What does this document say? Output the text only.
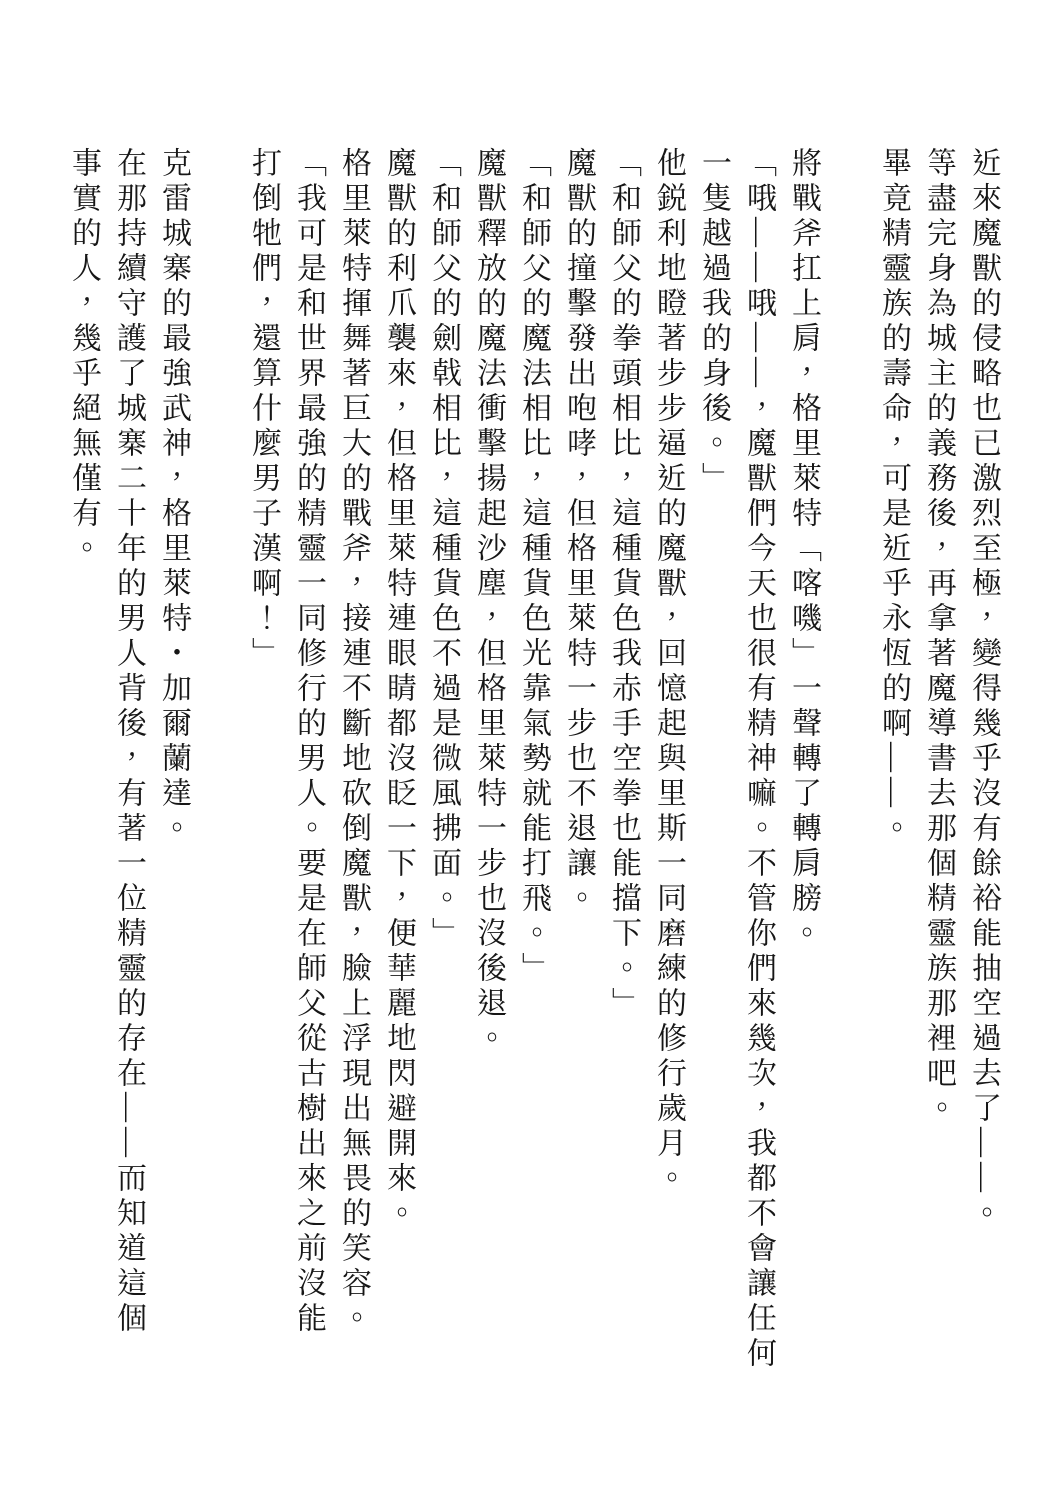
近來魔獸的侵略也已激烈至極，變得幾乎沒有餘裕能抽空過去了——。
等盡完身為城主的義務後，再拿著魔導書去那個精靈族那裡吧。
畢竟精靈族的壽命，可是近乎永恆的啊——。
將戰斧扛上肩，格里萊特「喀嘰」一聲轉了轉肩膀。
「哦——哦——，魔獸們今天也很有精神嘛。不管你們來幾次，我都不會讓任何
一隻越過我的身後。」
他鋭利地瞪著步步逼近的魔獸，回憶起與里斯一同磨練的修行歲月。
「和師父的拳頭相比，這種貨色我赤手空拳也能擋下。」
魔獸的撞擊發出咆哮，但格里萊特一步也不退讓。
「和師父的魔法相比，這種貨色光靠氣勢就能打飛。」
魔獸釋放的魔法衝擊揚起沙塵，但格里萊特一步也沒後退。
「和師父的劍戟相比，這種貨色不過是微風拂面。」
魔獸的利爪襲來，但格里萊特連眼睛都沒眨一下，便華麗地閃避開來。
格里萊特揮舞著巨大的戰斧，接連不斷地砍倒魔獸，臉上浮現出無畏的笑容。
「我可是和世界最強的精靈一同修行的男人。要是在師父從古樹出來之前沒能
打倒牠們，還算什麼男子漢啊！」
克雷城寨的最強武神，格里萊特・加爾蘭達。
在那持續守護了城寨二十年的男人背後，有著一位精靈的存在——而知道這個
事實的人，幾乎絕無僅有。
